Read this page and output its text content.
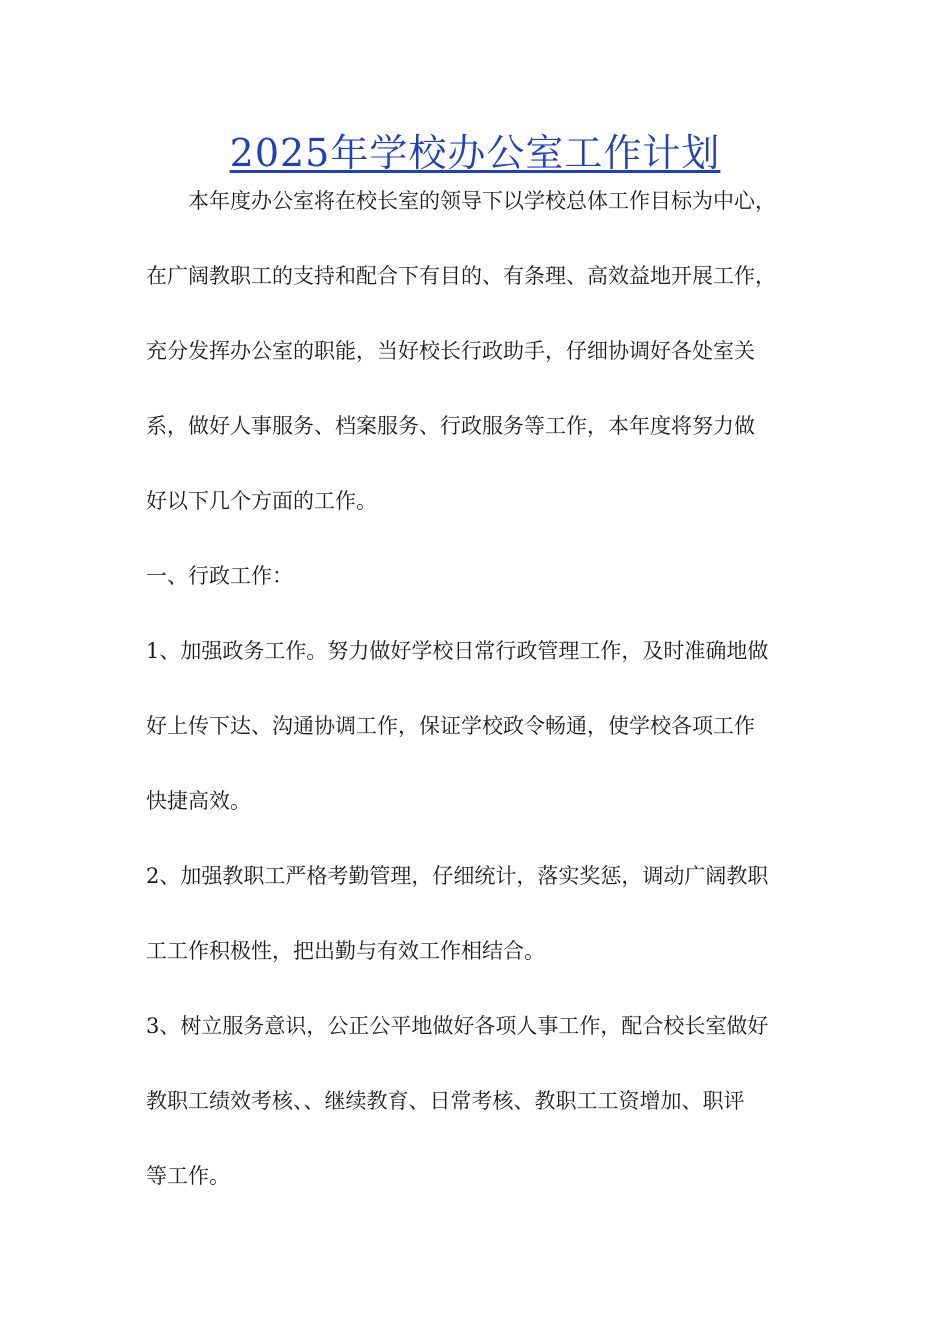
2025年学校办公室工作计划

本年度办公室将在校长室的领导下以学校总体工作目标为中心，

在广阔教职工的支持和配合下有目的、有条理、高效益地开展工作，

充分发挥办公室的职能，当好校长行政助手，仔细协调好各处室关

系，做好人事服务、档案服务、行政服务等工作，本年度将努力做

好以下几个方面的工作。

一、行政工作：

1、加强政务工作。努力做好学校日常行政管理工作，及时准确地做

好上传下达、沟通协调工作，保证学校政令畅通，使学校各项工作

快捷高效。

2、加强教职工严格考勤管理，仔细统计，落实奖惩，调动广阔教职

工工作积极性，把出勤与有效工作相结合。

3、树立服务意识，公正公平地做好各项人事工作，配合校长室做好

教职工绩效考核、、继续教育、日常考核、教职工工资增加、职评

等工作。
